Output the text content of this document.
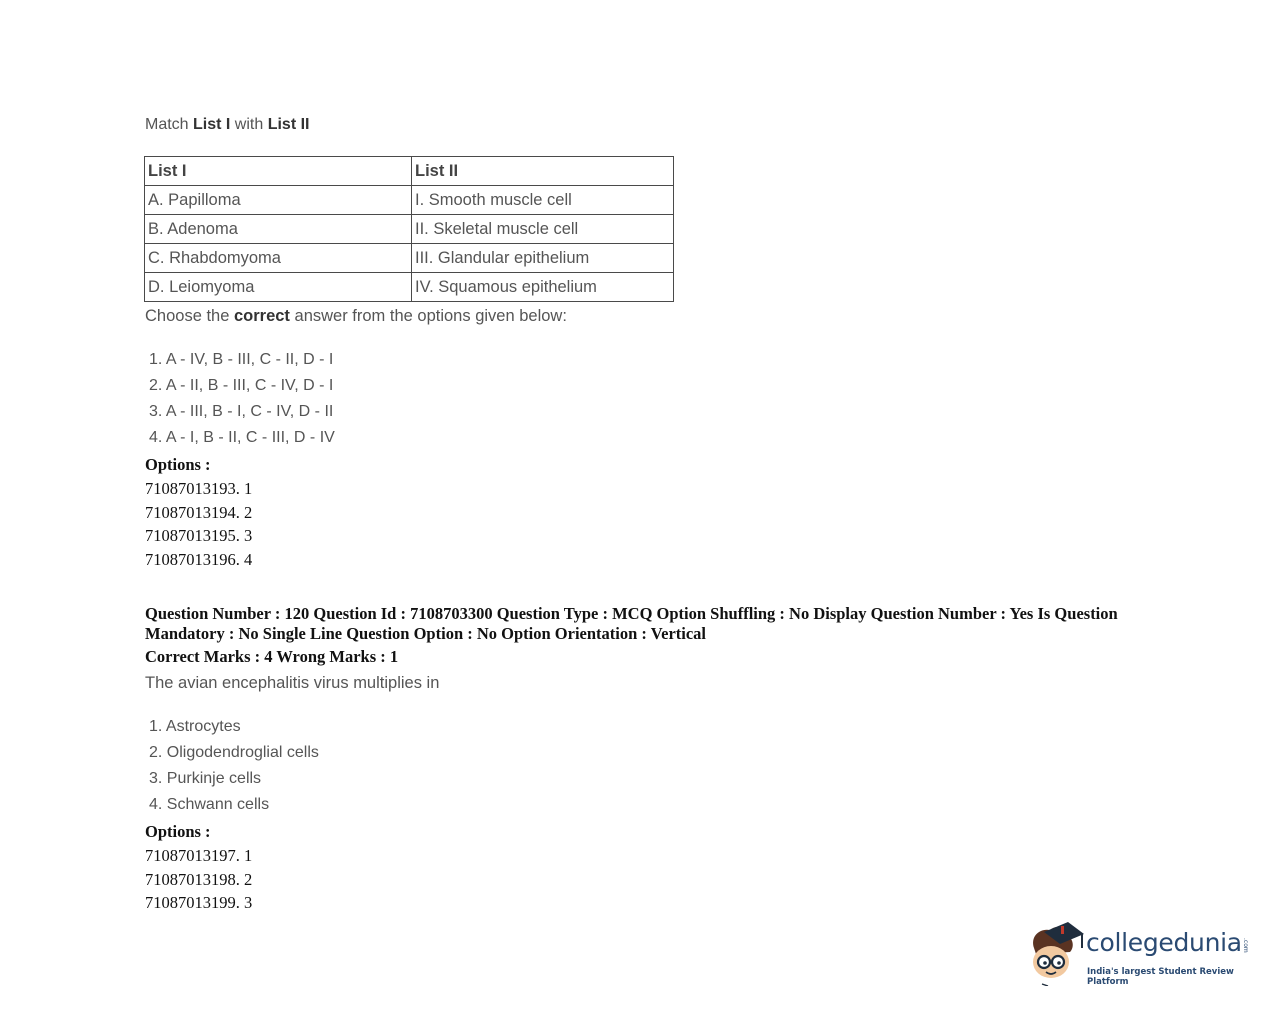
Match List I with List II
List I	List II
A. Papilloma	I. Smooth muscle cell
B. Adenoma	II. Skeletal muscle cell
C. Rhabdomyoma	III. Glandular epithelium
D. Leiomyoma	IV. Squamous epithelium
Choose the correct answer from the options given below:
1. A - IV, B - III, C - II, D - I
2. A - II, B - III, C - IV, D - I
3. A - III, B - I, C - IV, D - II
4. A - I, B - II, C - III, D - IV
Options :
71087013193. 1
71087013194. 2
71087013195. 3
71087013196. 4
Question Number : 120 Question Id : 7108703300 Question Type : MCQ Option Shuffling : No Display Question Number : Yes Is Question Mandatory : No Single Line Question Option : No Option Orientation : Vertical
Correct Marks : 4 Wrong Marks : 1
The avian encephalitis virus multiplies in
1. Astrocytes
2. Oligodendroglial cells
3. Purkinje cells
4. Schwann cells
Options :
71087013197. 1
71087013198. 2
71087013199. 3
collegedunia .com
India's largest Student Review Platform
